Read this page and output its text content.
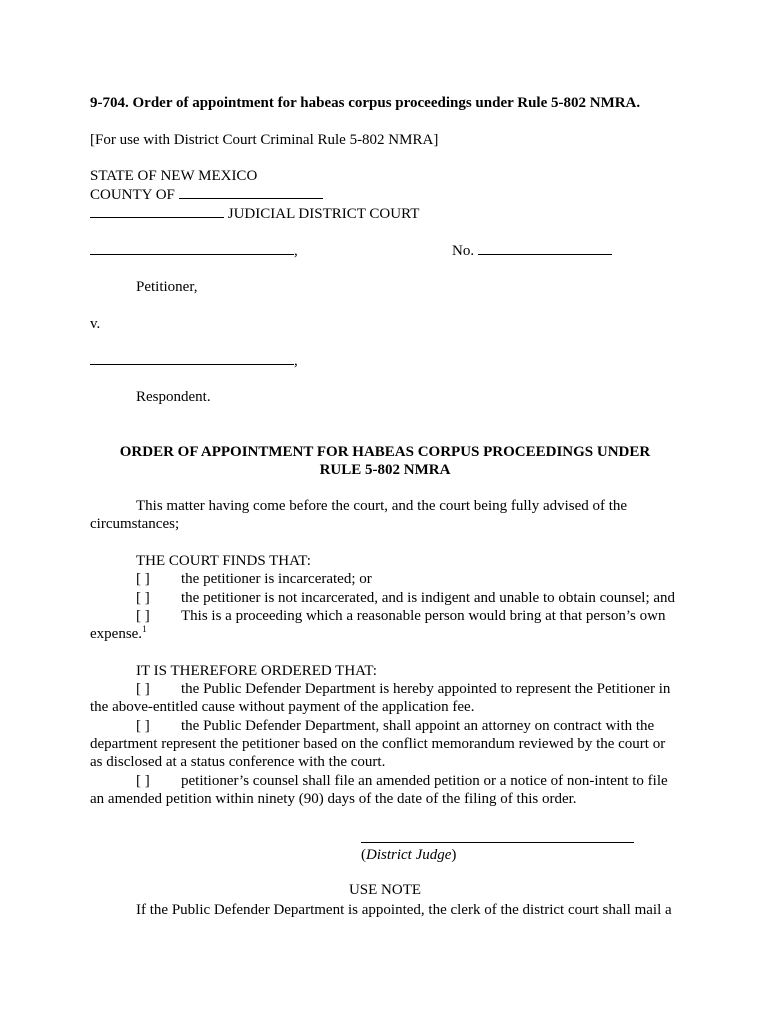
9-704. Order of appointment for habeas corpus proceedings under Rule 5-802 NMRA.
[For use with District Court Criminal Rule 5-802 NMRA]
STATE OF NEW MEXICO
COUNTY OF
JUDICIAL DISTRICT COURT
,	No.
Petitioner,
v.
,
Respondent.
ORDER OF APPOINTMENT FOR HABEAS CORPUS PROCEEDINGS UNDER
RULE 5-802 NMRA
This matter having come before the court, and the court being fully advised of the
circumstances;
THE COURT FINDS THAT:
[ ] the petitioner is incarcerated; or
[ ] the petitioner is not incarcerated, and is indigent and unable to obtain counsel; and
[ ] This is a proceeding which a reasonable person would bring at that person’s own
expense.$^1$
IT IS THEREFORE ORDERED THAT:
[ ] the Public Defender Department is hereby appointed to represent the Petitioner in
the above-entitled cause without payment of the application fee.
[ ] the Public Defender Department, shall appoint an attorney on contract with the
department represent the petitioner based on the conflict memorandum reviewed by the court or
as disclosed at a status conference with the court.
[ ] petitioner’s counsel shall file an amended petition or a notice of non-intent to file
an amended petition within ninety (90) days of the date of the filing of this order.
(District Judge)
USE NOTE
If the Public Defender Department is appointed, the clerk of the district court shall mail a
